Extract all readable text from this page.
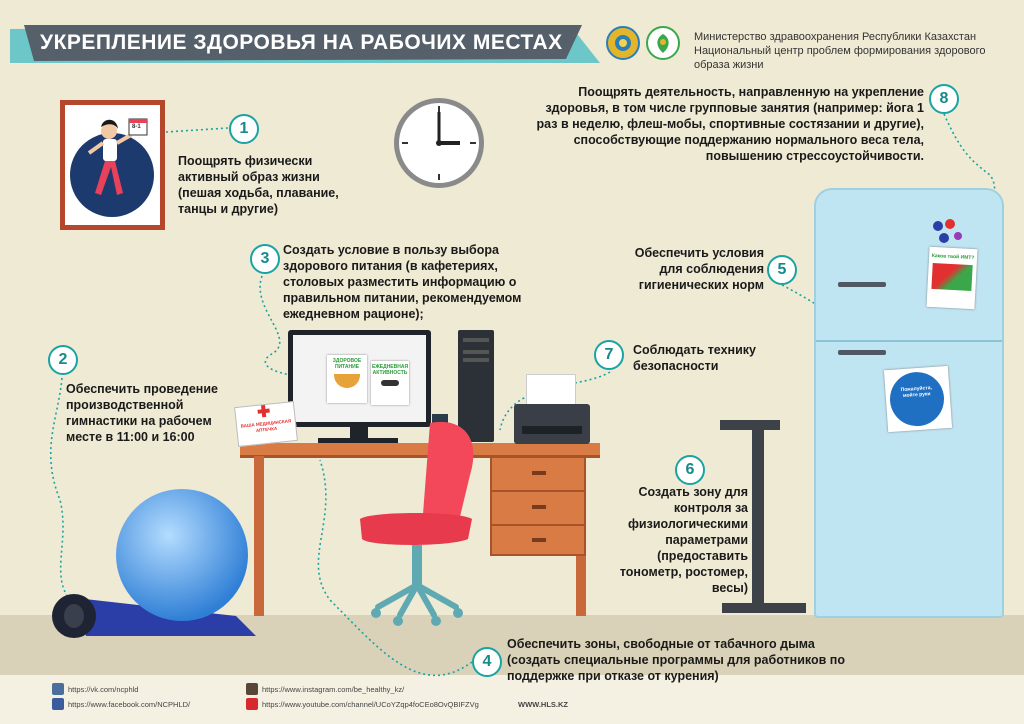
УКРЕПЛЕНИЕ ЗДОРОВЬЯ НА РАБОЧИХ МЕСТАХ	Министерство здравоохранения Республики Казахстан
Национальный центр проблем формирования здорового образа жизни
8-1	1
2
3
4
5
6
7
8
Поощрять физически активный образ жизни (пешая ходьба, плавание, танцы и другие)
Обеспечить проведение производственной гимнастики на рабочем месте в 11:00 и 16:00
Создать условие в пользу выбора здорового питания (в кафетериях, столовых разместить информацию о правильном питании, рекомендуемом ежедневном рационе);
Обеспечить зоны, свободные от табачного дыма (создать специальные программы для работников по поддержке при отказе от курения)
Обеспечить условия для соблюдения гигиенических норм
Создать зону для контроля за физиологическими параметрами (предоставить тонометр, ростомер, весы)
Соблюдать технику безопасности
Поощрять деятельность, направленную на укрепление здоровья, в том числе групповые занятия (например: йога 1 раз в неделю, флеш-мобы, спортивные состязании и другие), способствующие поддержанию нормального веса тела, повышению стрессоустойчивости.
ЗДОРОВОЕ ПИТАНИЕ	ЕЖЕДНЕВНАЯ АКТИВНОСТЬ
ВАША МЕДИЦИНСКАЯ АПТЕЧКА
Каков твой ИМТ?
Пожалуйста, мойте руки
https://vk.com/ncphld
https://www.facebook.com/NCPHLD/
https://www.instagram.com/be_healthy_kz/
https://www.youtube.com/channel/UCoYZqp4foCEo8OvQBIFZVg	WWW.HLS.KZ
